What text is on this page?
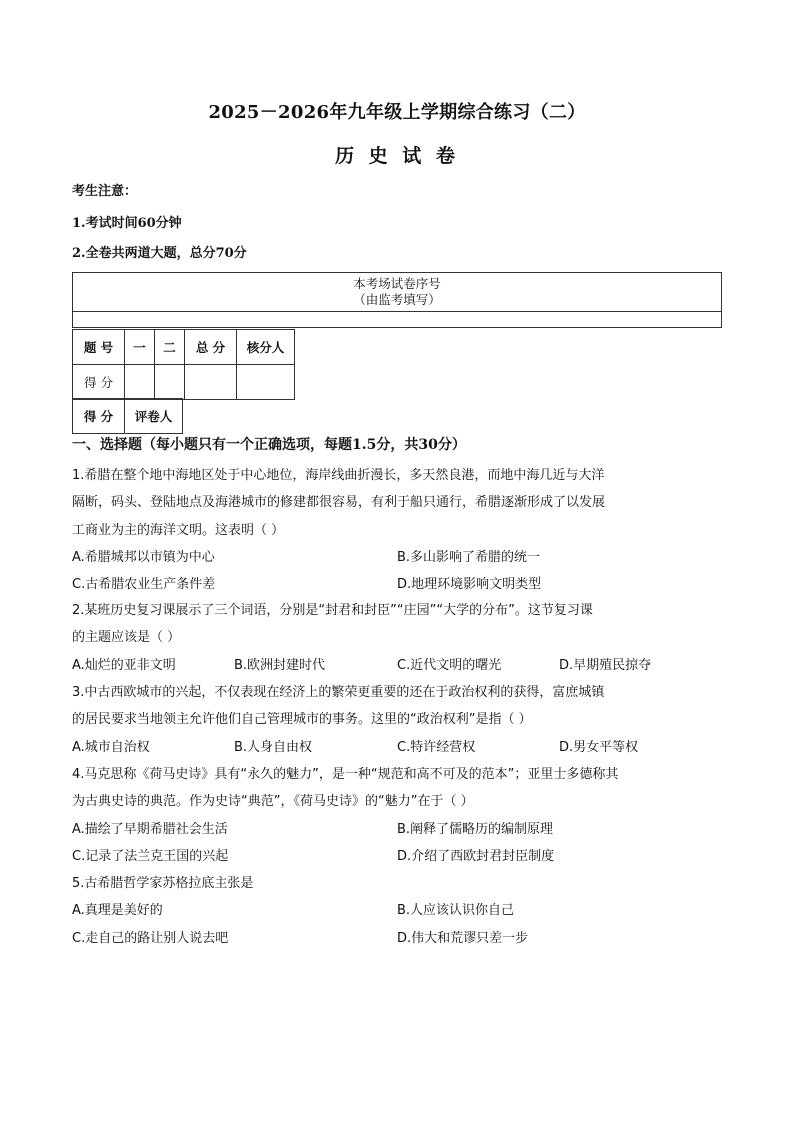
2025－2026年九年级上学期综合练习（二）
历 史 试 卷
考生注意：
1.考试时间60分钟
2.全卷共两道大题，总分70分
本考场试卷序号
（由监考填写）
题 号	一	二	总 分	核分人
得 分				
得 分	评卷人
一、选择题（每小题只有一个正确选项，每题1.5分，共30分）

1.希腊在整个地中海地区处于中心地位，海岸线曲折漫长，多天然良港，而地中海几近与大洋

隔断，码头、登陆地点及海港城市的修建都很容易，有利于船只通行，希腊逐渐形成了以发展

工商业为主的海洋文明。这表明（ ）

A.希腊城邦以市镇为中心	B.多山影响了希腊的统一
C.古希腊农业生产条件差	D.地理环境影响文明类型

2.某班历史复习课展示了三个词语，分别是“封君和封臣”“庄园”“大学的分布”。这节复习课

的主题应该是（ ）

A.灿烂的亚非文明	B.欧洲封建时代	C.近代文明的曙光	D.早期殖民掠夺

3.中古西欧城市的兴起，不仅表现在经济上的繁荣更重要的还在于政治权利的获得，富庶城镇

的居民要求当地领主允许他们自己管理城市的事务。这里的“政治权利”是指（ ）

A.城市自治权	B.人身自由权	C.特许经营权	D.男女平等权

4.马克思称《荷马史诗》具有“永久的魅力”，是一种“规范和高不可及的范本”；亚里士多德称其

为古典史诗的典范。作为史诗“典范”，《荷马史诗》的“魅力”在于（ ）

A.描绘了早期希腊社会生活	B.阐释了儒略历的编制原理
C.记录了法兰克王国的兴起	D.介绍了西欧封君封臣制度

5.古希腊哲学家苏格拉底主张是

A.真理是美好的	B.人应该认识你自己
C.走自己的路让别人说去吧	D.伟大和荒谬只差一步
